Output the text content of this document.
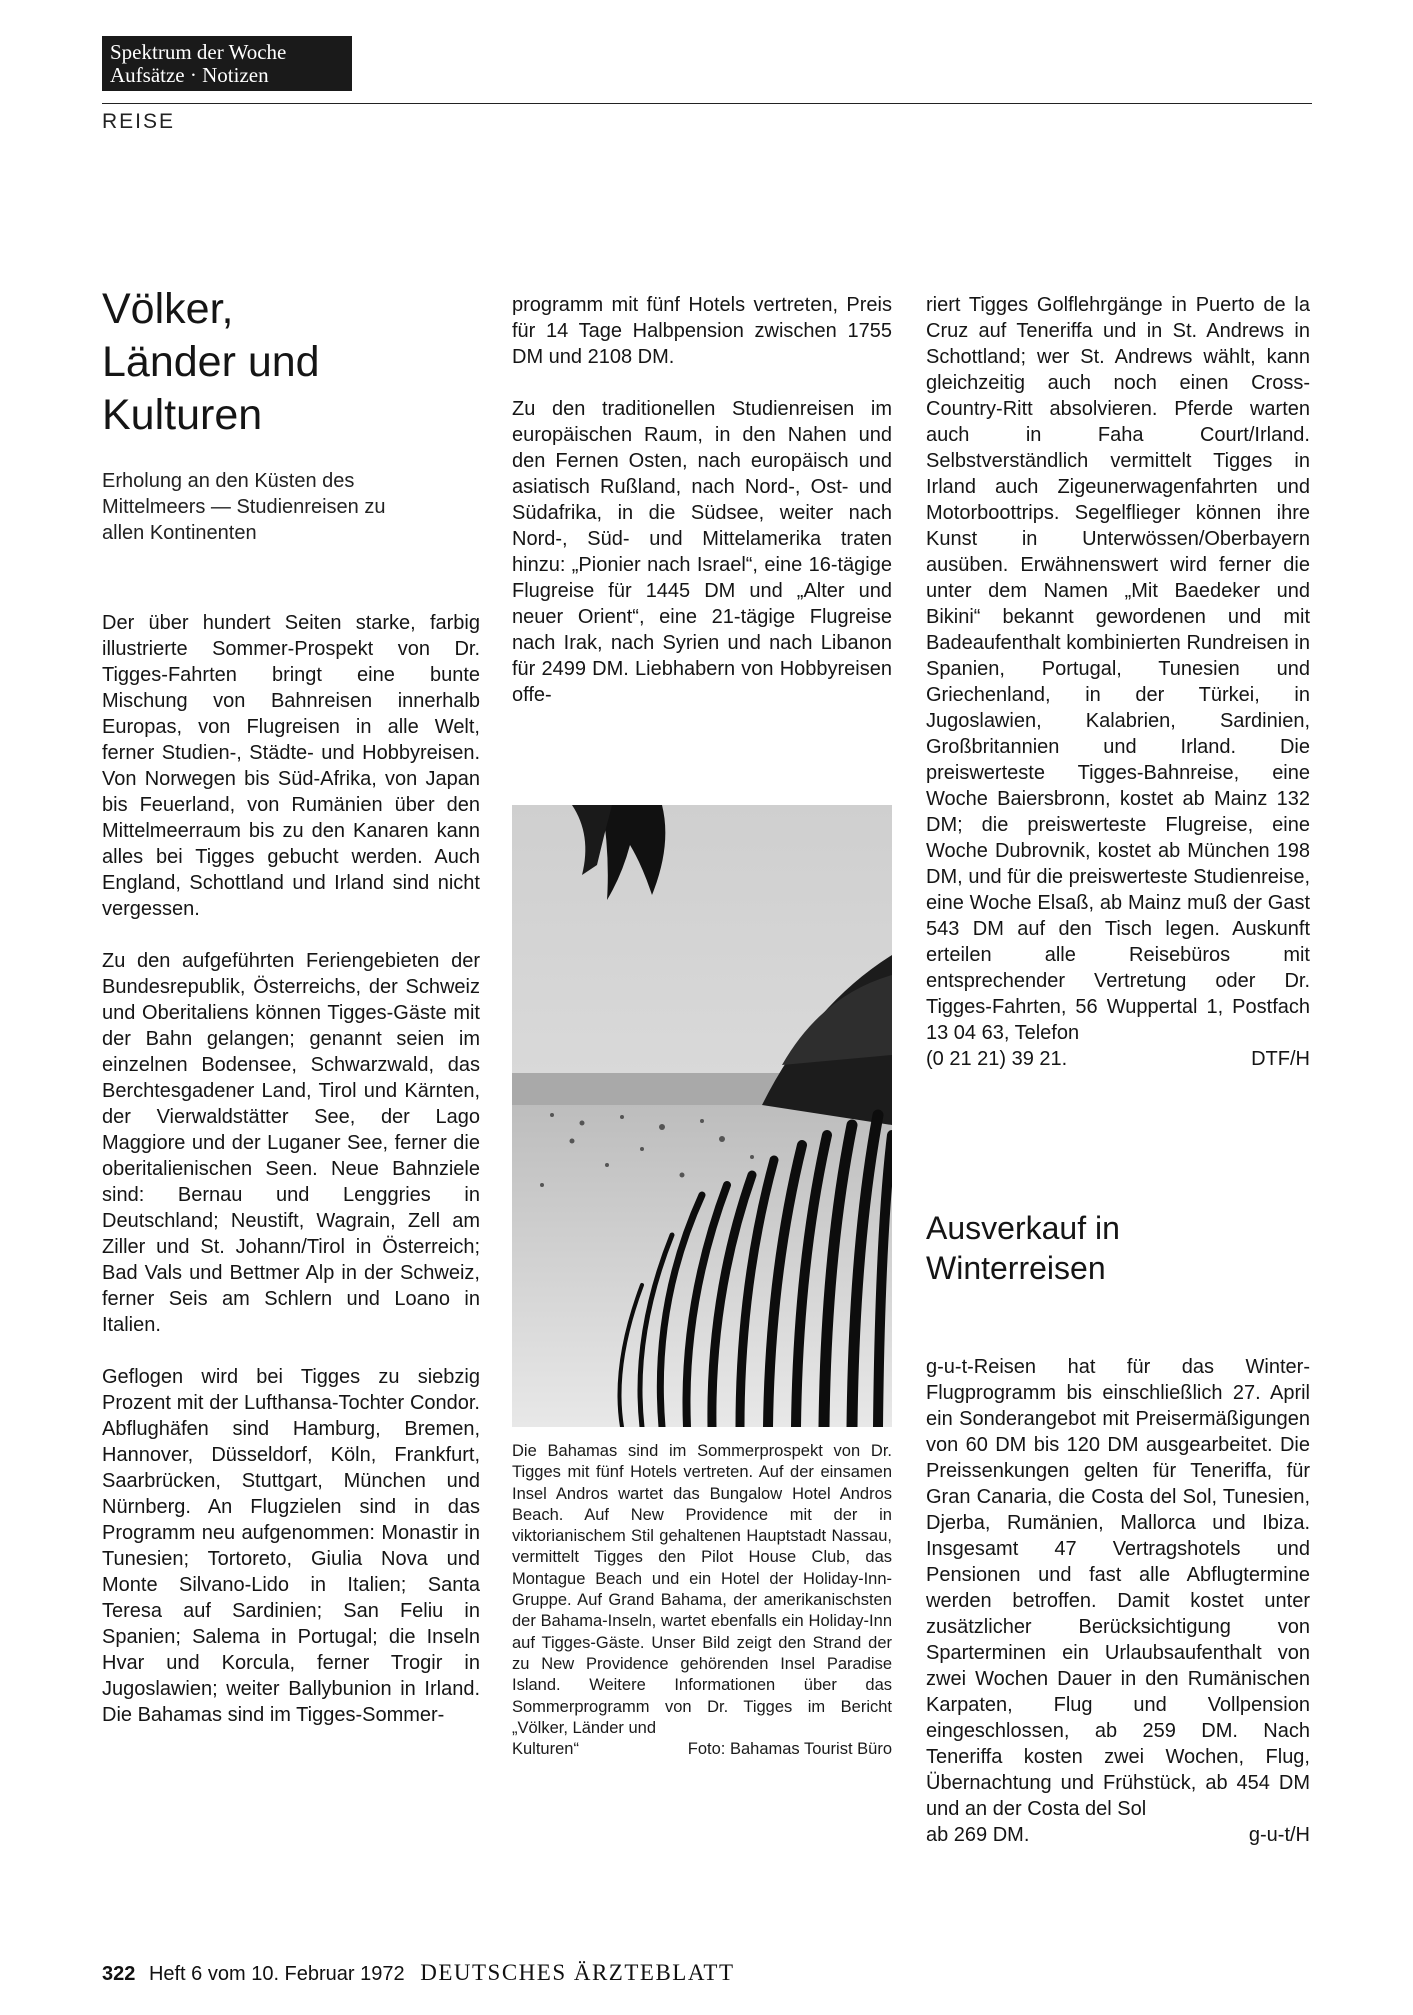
Spektrum der Woche
Aufsätze · Notizen
REISE
Völker,
Länder und
Kulturen
Erholung an den Küsten des
Mittelmeers — Studienreisen zu
allen Kontinenten

Der über hundert Seiten starke, farbig illustrierte Sommer-Prospekt von Dr. Tigges-Fahrten bringt eine bunte Mischung von Bahnreisen innerhalb Europas, von Flugreisen in alle Welt, ferner Studien-, Städte- und Hobbyreisen. Von Norwegen bis Süd-Afrika, von Japan bis Feuerland, von Rumänien über den Mittelmeerraum bis zu den Kanaren kann alles bei Tigges gebucht werden. Auch England, Schottland und Irland sind nicht vergessen.

Zu den aufgeführten Feriengebieten der Bundesrepublik, Österreichs, der Schweiz und Oberitaliens können Tigges-Gäste mit der Bahn gelangen; genannt seien im einzelnen Bodensee, Schwarzwald, das Berchtesgadener Land, Tirol und Kärnten, der Vierwaldstätter See, der Lago Maggiore und der Luganer See, ferner die oberitalienischen Seen. Neue Bahnziele sind: Bernau und Lenggries in Deutschland; Neustift, Wagrain, Zell am Ziller und St. Johann/Tirol in Österreich; Bad Vals und Bettmer Alp in der Schweiz, ferner Seis am Schlern und Loano in Italien.

Geflogen wird bei Tigges zu siebzig Prozent mit der Lufthansa-Tochter Condor. Abflughäfen sind Hamburg, Bremen, Hannover, Düsseldorf, Köln, Frankfurt, Saarbrücken, Stuttgart, München und Nürnberg. An Flugzielen sind in das Programm neu aufgenommen: Monastir in Tunesien; Tortoreto, Giulia Nova und Monte Silvano-Lido in Italien; Santa Teresa auf Sardinien; San Feliu in Spanien; Salema in Portugal; die Inseln Hvar und Korcula, ferner Trogir in Jugoslawien; weiter Ballybunion in Irland. Die Bahamas sind im Tigges-Sommer-

programm mit fünf Hotels vertreten, Preis für 14 Tage Halbpension zwischen 1755 DM und 2108 DM.

Zu den traditionellen Studienreisen im europäischen Raum, in den Nahen und den Fernen Osten, nach europäisch und asiatisch Rußland, nach Nord-, Ost- und Südafrika, in die Südsee, weiter nach Nord-, Süd- und Mittelamerika traten hinzu: „Pionier nach Israel“, eine 16-tägige Flugreise für 1445 DM und „Alter und neuer Orient“, eine 21-tägige Flugreise nach Irak, nach Syrien und nach Libanon für 2499 DM. Liebhabern von Hobbyreisen offe-

Die Bahamas sind im Sommerprospekt von Dr. Tigges mit fünf Hotels vertreten. Auf der einsamen Insel Andros wartet das Bungalow Hotel Andros Beach. Auf New Providence mit der in viktorianischem Stil gehaltenen Hauptstadt Nassau, vermittelt Tigges den Pilot House Club, das Montague Beach und ein Hotel der Holiday-Inn-Gruppe. Auf Grand Bahama, der amerikanischsten der Bahama-Inseln, wartet ebenfalls ein Holiday-Inn auf Tigges-Gäste. Unser Bild zeigt den Strand der zu New Providence gehörenden Insel Paradise Island. Weitere Informationen über das Sommerprogramm von Dr. Tigges im Bericht „Völker, Länder und

Kulturen“	Foto: Bahamas Tourist Büro

riert Tigges Golflehrgänge in Puerto de la Cruz auf Teneriffa und in St. Andrews in Schottland; wer St. Andrews wählt, kann gleichzeitig auch noch einen Cross-Country-Ritt absolvieren. Pferde warten auch in Faha Court/Irland. Selbstverständlich vermittelt Tigges in Irland auch Zigeunerwagenfahrten und Motorboottrips. Segelflieger können ihre Kunst in Unterwössen/Oberbayern ausüben. Erwähnenswert wird ferner die unter dem Namen „Mit Baedeker und Bikini“ bekannt gewordenen und mit Badeaufenthalt kombinierten Rundreisen in Spanien, Portugal, Tunesien und Griechenland, in der Türkei, in Jugoslawien, Kalabrien, Sardinien, Großbritannien und Irland. Die preiswerteste Tigges-Bahnreise, eine Woche Baiersbronn, kostet ab Mainz 132 DM; die preiswerteste Flugreise, eine Woche Dubrovnik, kostet ab München 198 DM, und für die preiswerteste Studienreise, eine Woche Elsaß, ab Mainz muß der Gast 543 DM auf den Tisch legen. Auskunft erteilen alle Reisebüros mit entsprechender Vertretung oder Dr. Tigges-Fahrten, 56 Wuppertal 1, Postfach 13 04 63, Telefon

(0 21 21) 39 21.	DTF/H
Ausverkauf in
Winterreisen

g-u-t-Reisen hat für das Winter-Flugprogramm bis einschließlich 27. April ein Sonderangebot mit Preisermäßigungen von 60 DM bis 120 DM ausgearbeitet. Die Preissenkungen gelten für Teneriffa, für Gran Canaria, die Costa del Sol, Tunesien, Djerba, Rumänien, Mallorca und Ibiza. Insgesamt 47 Vertragshotels und Pensionen und fast alle Abflugtermine werden betroffen. Damit kostet unter zusätzlicher Berücksichtigung von Sparterminen ein Urlaubsaufenthalt von zwei Wochen Dauer in den Rumänischen Karpaten, Flug und Vollpension eingeschlossen, ab 259 DM. Nach Teneriffa kosten zwei Wochen, Flug, Übernachtung und Frühstück, ab 454 DM und an der Costa del Sol

ab 269 DM.	g-u-t/H
322 Heft 6 vom 10. Februar 1972 DEUTSCHES ÄRZTEBLATT
